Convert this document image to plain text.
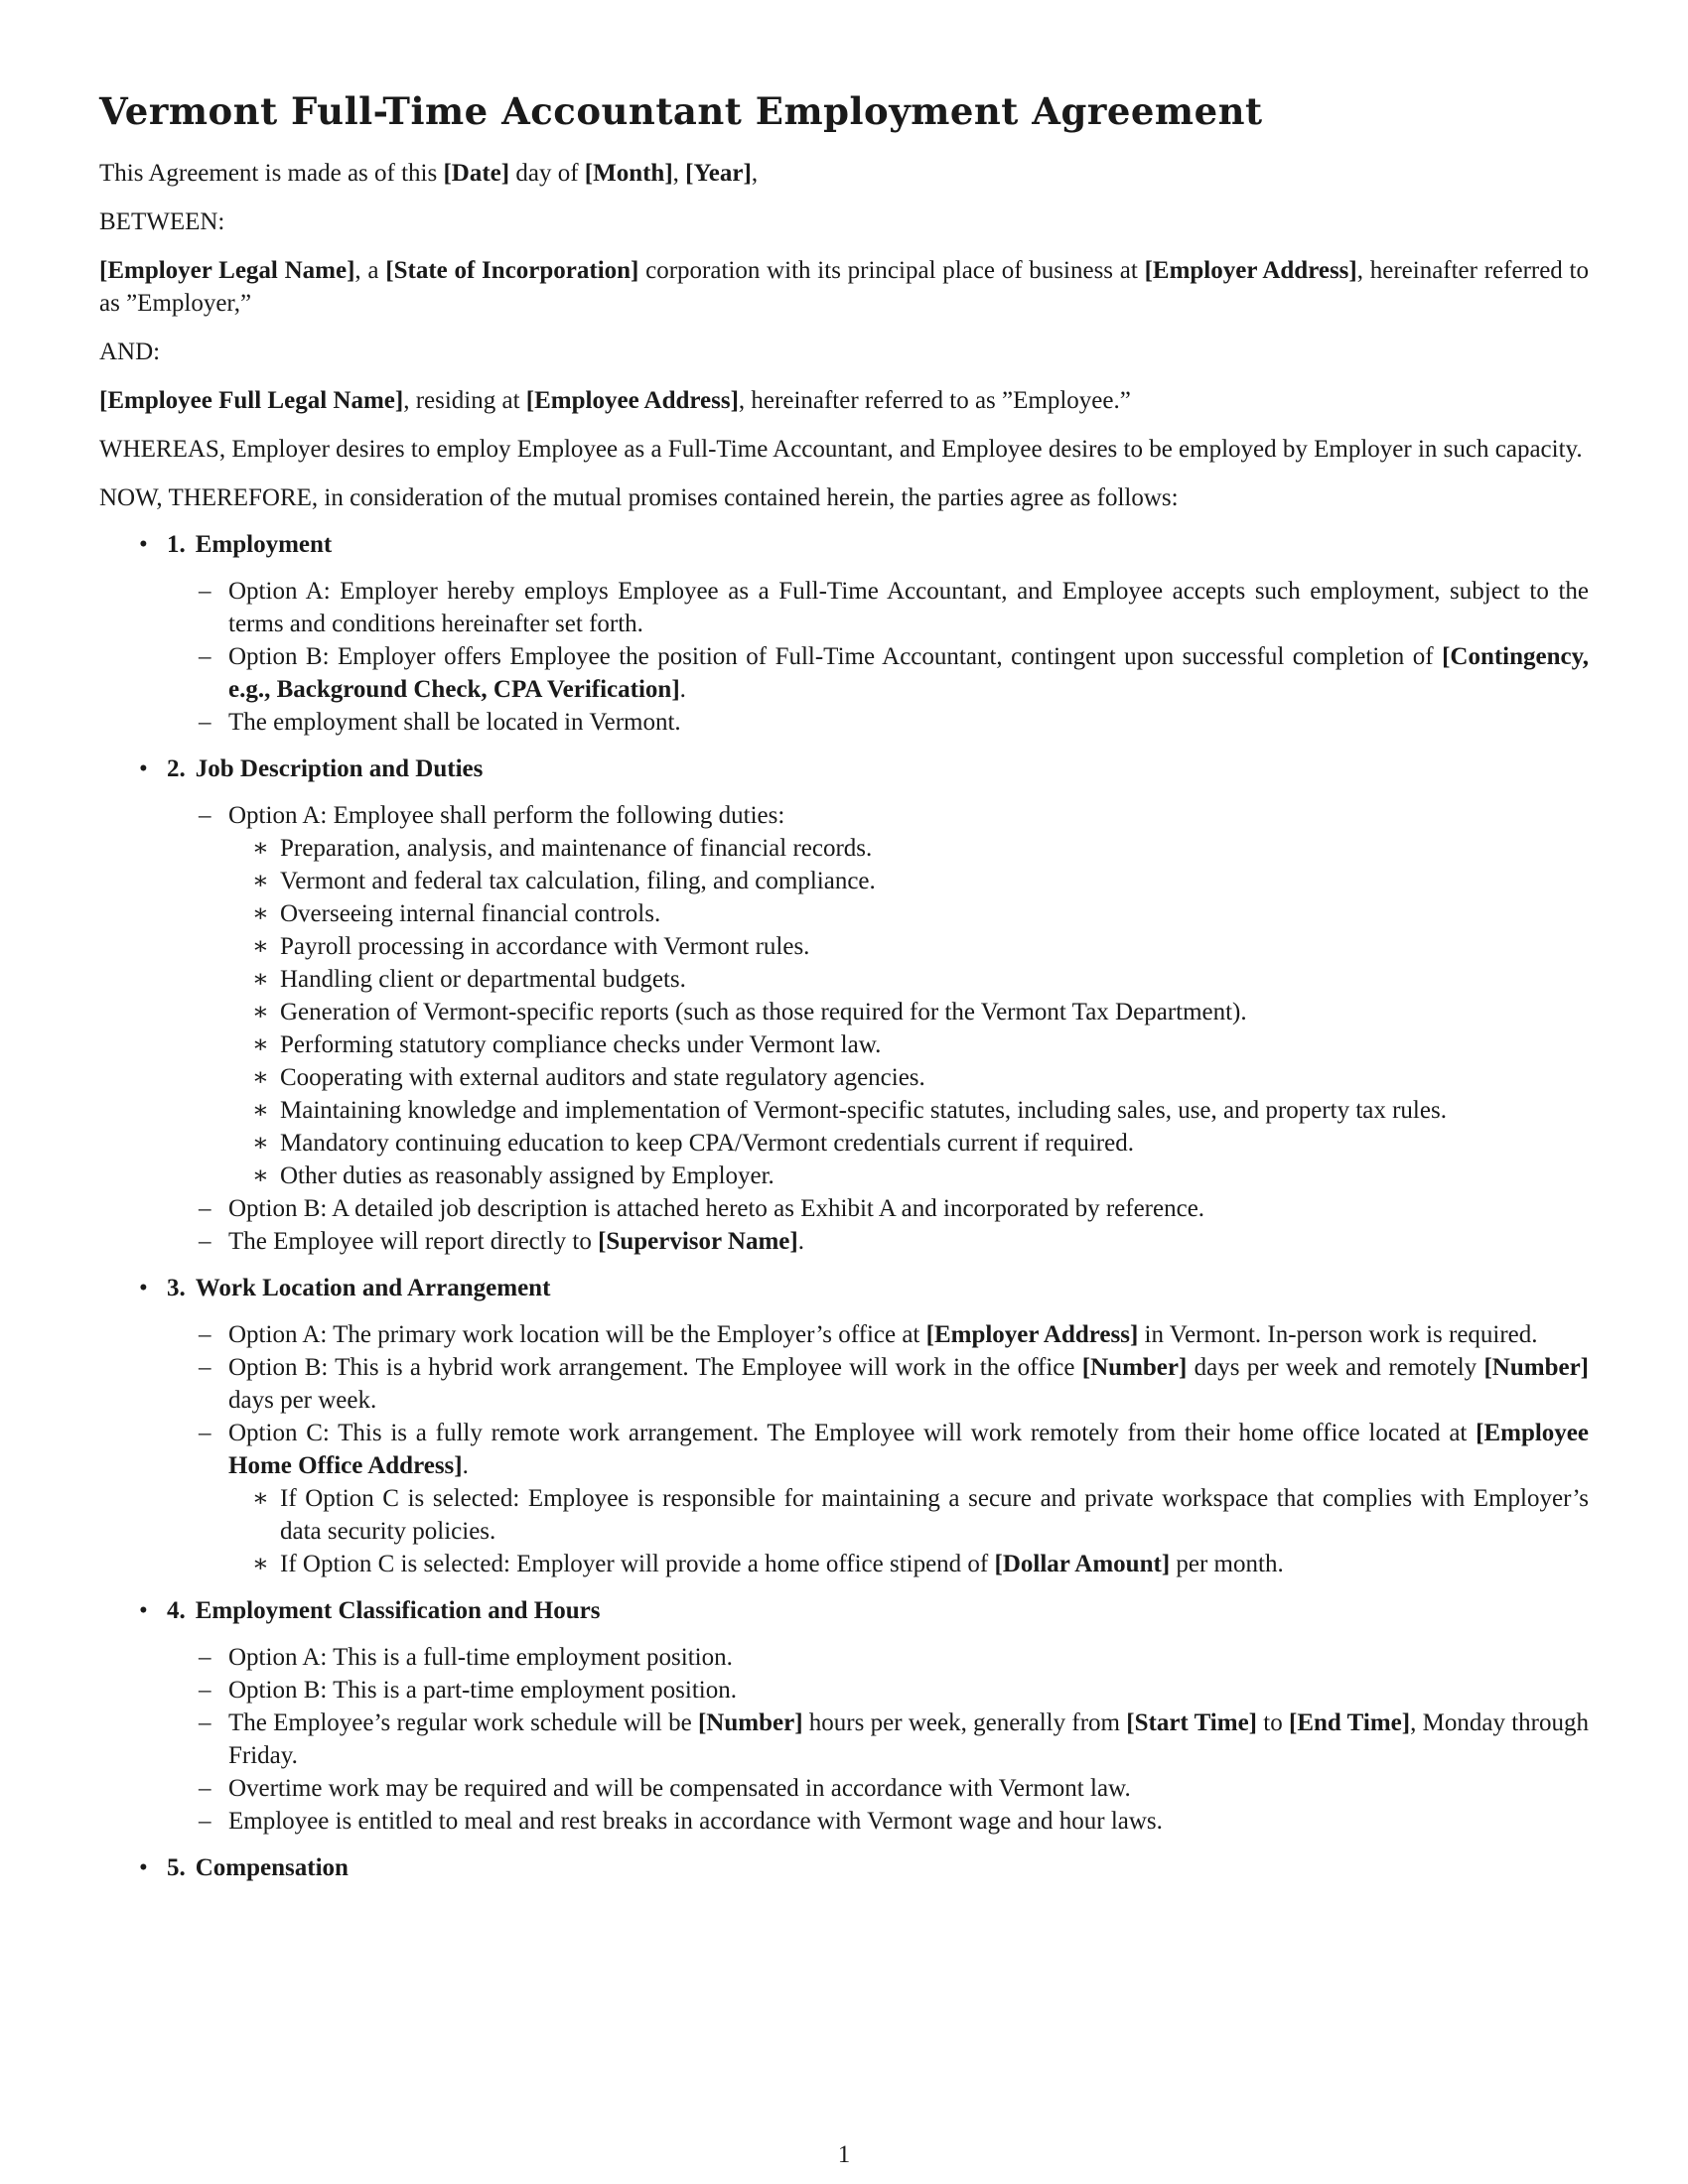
Vermont Full-Time Accountant Employment Agreement

This Agreement is made as of this [Date] day of [Month], [Year],

BETWEEN:

[Employer Legal Name], a [State of Incorporation] corporation with its principal place of business at [Employer Address], hereinafter referred to as ”Employer,”

AND:

[Employee Full Legal Name], residing at [Employee Address], hereinafter referred to as ”Employee.”

WHEREAS, Employer desires to employ Employee as a Full-Time Accountant, and Employee desires to be employed by Employer in such capacity.

NOW, THEREFORE, in consideration of the mutual promises contained herein, the parties agree as follows:

• 1. Employment
– Option A: Employer hereby employs Employee as a Full-Time Accountant, and Employee accepts such employment, subject to the terms and conditions hereinafter set forth.
– Option B: Employer offers Employee the position of Full-Time Accountant, contingent upon successful completion of [Contingency, e.g., Background Check, CPA Verification].
– The employment shall be located in Vermont.
• 2. Job Description and Duties
– Option A: Employee shall perform the following duties:
∗ Preparation, analysis, and maintenance of financial records.
∗ Vermont and federal tax calculation, filing, and compliance.
∗ Overseeing internal financial controls.
∗ Payroll processing in accordance with Vermont rules.
∗ Handling client or departmental budgets.
∗ Generation of Vermont-specific reports (such as those required for the Vermont Tax Department).
∗ Performing statutory compliance checks under Vermont law.
∗ Cooperating with external auditors and state regulatory agencies.
∗ Maintaining knowledge and implementation of Vermont-specific statutes, including sales, use, and property tax rules.
∗ Mandatory continuing education to keep CPA/Vermont credentials current if required.
∗ Other duties as reasonably assigned by Employer.
– Option B: A detailed job description is attached hereto as Exhibit A and incorporated by reference.
– The Employee will report directly to [Supervisor Name].
• 3. Work Location and Arrangement
– Option A: The primary work location will be the Employer’s office at [Employer Address] in Vermont. In-person work is required.
– Option B: This is a hybrid work arrangement. The Employee will work in the office [Number] days per week and remotely [Number] days per week.
– Option C: This is a fully remote work arrangement. The Employee will work remotely from their home office located at [Employee Home Office Address].
∗ If Option C is selected: Employee is responsible for maintaining a secure and private workspace that complies with Employer’s data security policies.
∗ If Option C is selected: Employer will provide a home office stipend of [Dollar Amount] per month.
• 4. Employment Classification and Hours
– Option A: This is a full-time employment position.
– Option B: This is a part-time employment position.
– The Employee’s regular work schedule will be [Number] hours per week, generally from [Start Time] to [End Time], Monday through Friday.
– Overtime work may be required and will be compensated in accordance with Vermont law.
– Employee is entitled to meal and rest breaks in accordance with Vermont wage and hour laws.
• 5. Compensation
1
